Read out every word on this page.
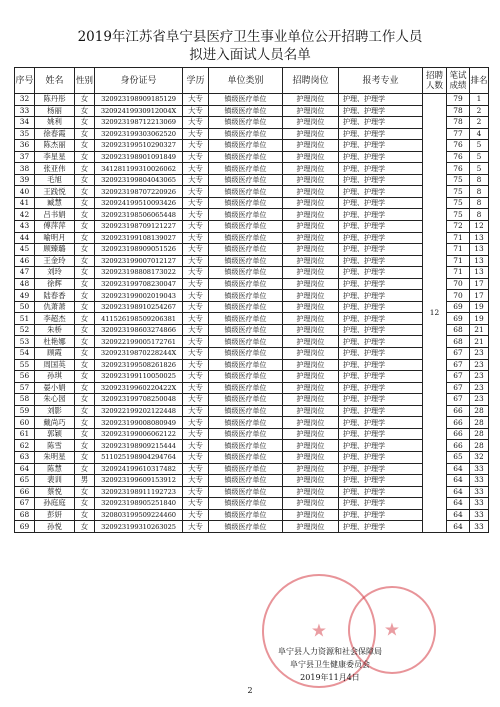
2019年江苏省阜宁县医疗卫生事业单位公开招聘工作人员
拟进入面试人员名单
序号	姓名	性别	身份证号	学历	单位类别	招聘岗位	报考专业	招聘人数	笔试成绩	排名
32	陈丹彤	女	320923198909185129	大专	镇级医疗单位	护理岗位	护理、护理学	12	79	1
33	杨丽	女	32092419930912004X	大专	镇级医疗单位	护理岗位	护理、护理学		78	2
34	姚利	女	320923198712213069	大专	镇级医疗单位	护理岗位	护理、护理学		78	2
35	徐春霞	女	320923199303062520	大专	镇级医疗单位	护理岗位	护理、护理学		77	4
36	陈杰丽	女	320923199510290327	大专	镇级医疗单位	护理岗位	护理、护理学		76	5
37	李星星	女	320923198901091849	大专	镇级医疗单位	护理岗位	护理、护理学		76	5
38	张亚伟	女	341281199310026062	大专	镇级医疗单位	护理岗位	护理、护理学		76	5
39	毛旭	女	320923199804043065	大专	镇级医疗单位	护理岗位	护理、护理学		75	8
40	王践悦	女	320923198707220926	大专	镇级医疗单位	护理岗位	护理、护理学		75	8
41	臧慧	女	320924199510093426	大专	镇级医疗单位	护理岗位	护理、护理学		75	8
42	吕书娟	女	320923198506065448	大专	镇级医疗单位	护理岗位	护理、护理学		75	8
43	傅萍萍	女	320923198709121227	大专	镇级医疗单位	护理岗位	护理、护理学		72	12
44	喻明月	女	320923199108139027	大专	镇级医疗单位	护理岗位	护理、护理学		71	13
45	顾臻璐	女	320923198909051526	大专	镇级医疗单位	护理岗位	护理、护理学		71	13
46	王金玲	女	320923199007012127	大专	镇级医疗单位	护理岗位	护理、护理学		71	13
47	刘玲	女	320923198808173022	大专	镇级医疗单位	护理岗位	护理、护理学		71	13
48	徐辉	女	320923199708230047	大专	镇级医疗单位	护理岗位	护理、护理学		70	17
49	陆春香	女	320923199002019043	大专	镇级医疗单位	护理岗位	护理、护理学		70	17
50	仇萧萧	女	320923198910254267	大专	镇级医疗单位	护理岗位	护理、护理学		69	19
51	李超杰	女	411526198509206381	大专	镇级医疗单位	护理岗位	护理、护理学		69	19
52	朱桥	女	320923198603274866	大专	镇级医疗单位	护理岗位	护理、护理学		68	21
53	杜艳娜	女	320922199005172761	大专	镇级医疗单位	护理岗位	护理、护理学		68	21
54	顾霞	女	32092319870228244X	大专	镇级医疗单位	护理岗位	护理、护理学		67	23
55	周国英	女	320923199508261826	大专	镇级医疗单位	护理岗位	护理、护理学		67	23
56	孙琪	女	320923199110050025	大专	镇级医疗单位	护理岗位	护理、护理学		67	23
57	晏小娟	女	32092319960220422X	大专	镇级医疗单位	护理岗位	护理、护理学		67	23
58	朱心园	女	320923199708250048	大专	镇级医疗单位	护理岗位	护理、护理学		67	23
59	刘影	女	320922199202122448	大专	镇级医疗单位	护理岗位	护理、护理学		66	28
60	戴尚巧	女	320923199008080949	大专	镇级医疗单位	护理岗位	护理、护理学		66	28
61	郭颖	女	320923199006062122	大专	镇级医疗单位	护理岗位	护理、护理学		66	28
62	陈雪	女	320923198909215444	大专	镇级医疗单位	护理岗位	护理、护理学		66	28
63	朱明星	女	511025198904294764	大专	镇级医疗单位	护理岗位	护理、护理学		65	32
64	陈慧	女	320924199610317482	大专	镇级医疗单位	护理岗位	护理、护理学		64	33
65	裴训	男	320923199609153912	大专	镇级医疗单位	护理岗位	护理、护理学		64	33
66	蔡悦	女	320923198911192723	大专	镇级医疗单位	护理岗位	护理、护理学		64	33
67	孙庭庭	女	320923198905251840	大专	镇级医疗单位	护理岗位	护理、护理学		64	33
68	彭妍	女	320803199509224460	大专	镇级医疗单位	护理岗位	护理、护理学		64	33
69	孙悦	女	320923199310263025	大专	镇级医疗单位	护理岗位	护理、护理学		64	33
★	★
阜宁县人力资源和社会保障局
阜宁县卫生健康委员会
2019年11月4日
2
